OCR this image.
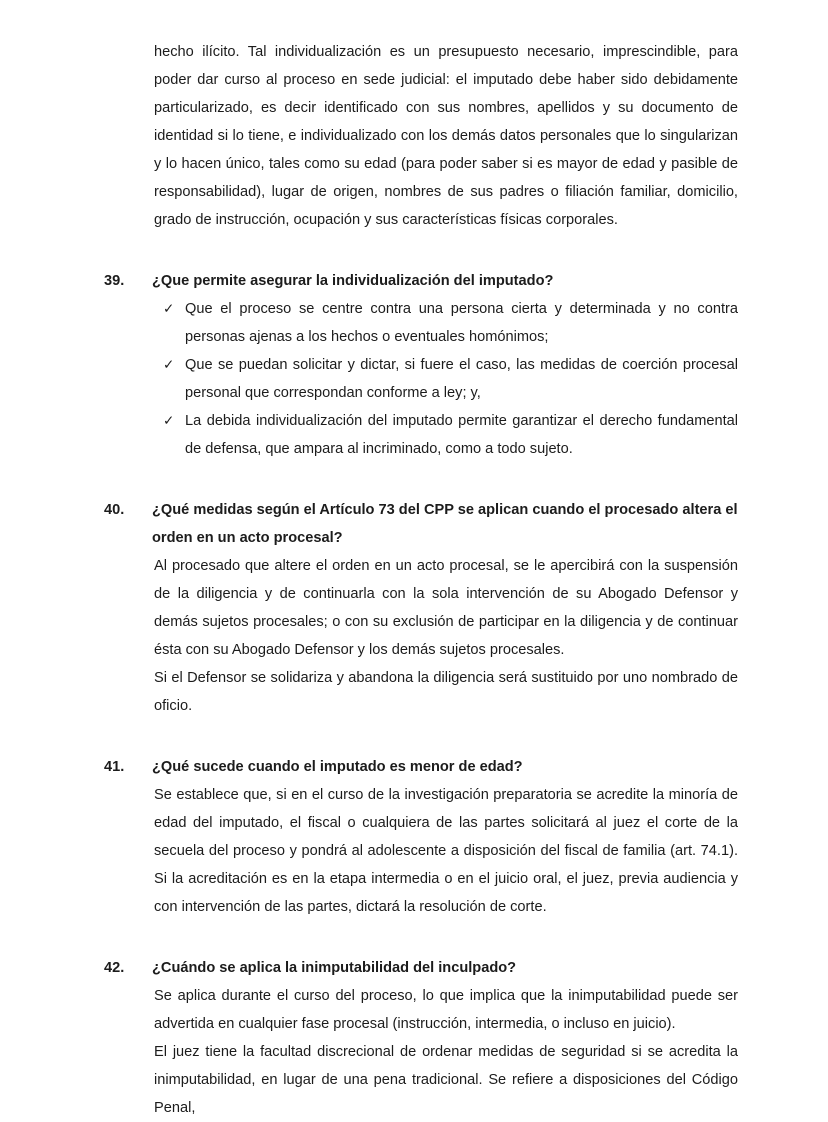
hecho ilícito. Tal individualización es un presupuesto necesario, imprescindible, para poder dar curso al proceso en sede judicial: el imputado debe haber sido debidamente particularizado, es decir identificado con sus nombres, apellidos y su documento de identidad si lo tiene, e individualizado con los demás datos personales que lo singularizan y lo hacen único, tales como su edad (para poder saber si es mayor de edad y pasible de responsabilidad), lugar de origen, nombres de sus padres o filiación familiar, domicilio, grado de instrucción, ocupación y sus características físicas corporales.

39.	¿Que permite asegurar la individualización del imputado?
✓ Que el proceso se centre contra una persona cierta y determinada y no contra personas ajenas a los hechos o eventuales homónimos;
✓ Que se puedan solicitar y dictar, si fuere el caso, las medidas de coerción procesal personal que correspondan conforme a ley; y,
✓ La debida individualización del imputado permite garantizar el derecho fundamental de defensa, que ampara al incriminado, como a todo sujeto.
40.	¿Qué medidas según el Artículo 73 del CPP se aplican cuando el procesado altera el orden en un acto procesal?

Al procesado que altere el orden en un acto procesal, se le apercibirá con la suspensión de la diligencia y de continuarla con la sola intervención de su Abogado Defensor y demás sujetos procesales; o con su exclusión de participar en la diligencia y de continuar ésta con su Abogado Defensor y los demás sujetos procesales.

Si el Defensor se solidariza y abandona la diligencia será sustituido por uno nombrado de oficio.

41.	¿Qué sucede cuando el imputado es menor de edad?

Se establece que, si en el curso de la investigación preparatoria se acredite la minoría de edad del imputado, el fiscal o cualquiera de las partes solicitará al juez el corte de la secuela del proceso y pondrá al adolescente a disposición del fiscal de familia (art. 74.1). Si la acreditación es en la etapa intermedia o en el juicio oral, el juez, previa audiencia y con intervención de las partes, dictará la resolución de corte.

42.	¿Cuándo se aplica la inimputabilidad del inculpado?

Se aplica durante el curso del proceso, lo que implica que la inimputabilidad puede ser advertida en cualquier fase procesal (instrucción, intermedia, o incluso en juicio).

El juez tiene la facultad discrecional de ordenar medidas de seguridad si se acredita la inimputabilidad, en lugar de una pena tradicional. Se refiere a disposiciones del Código Penal,
